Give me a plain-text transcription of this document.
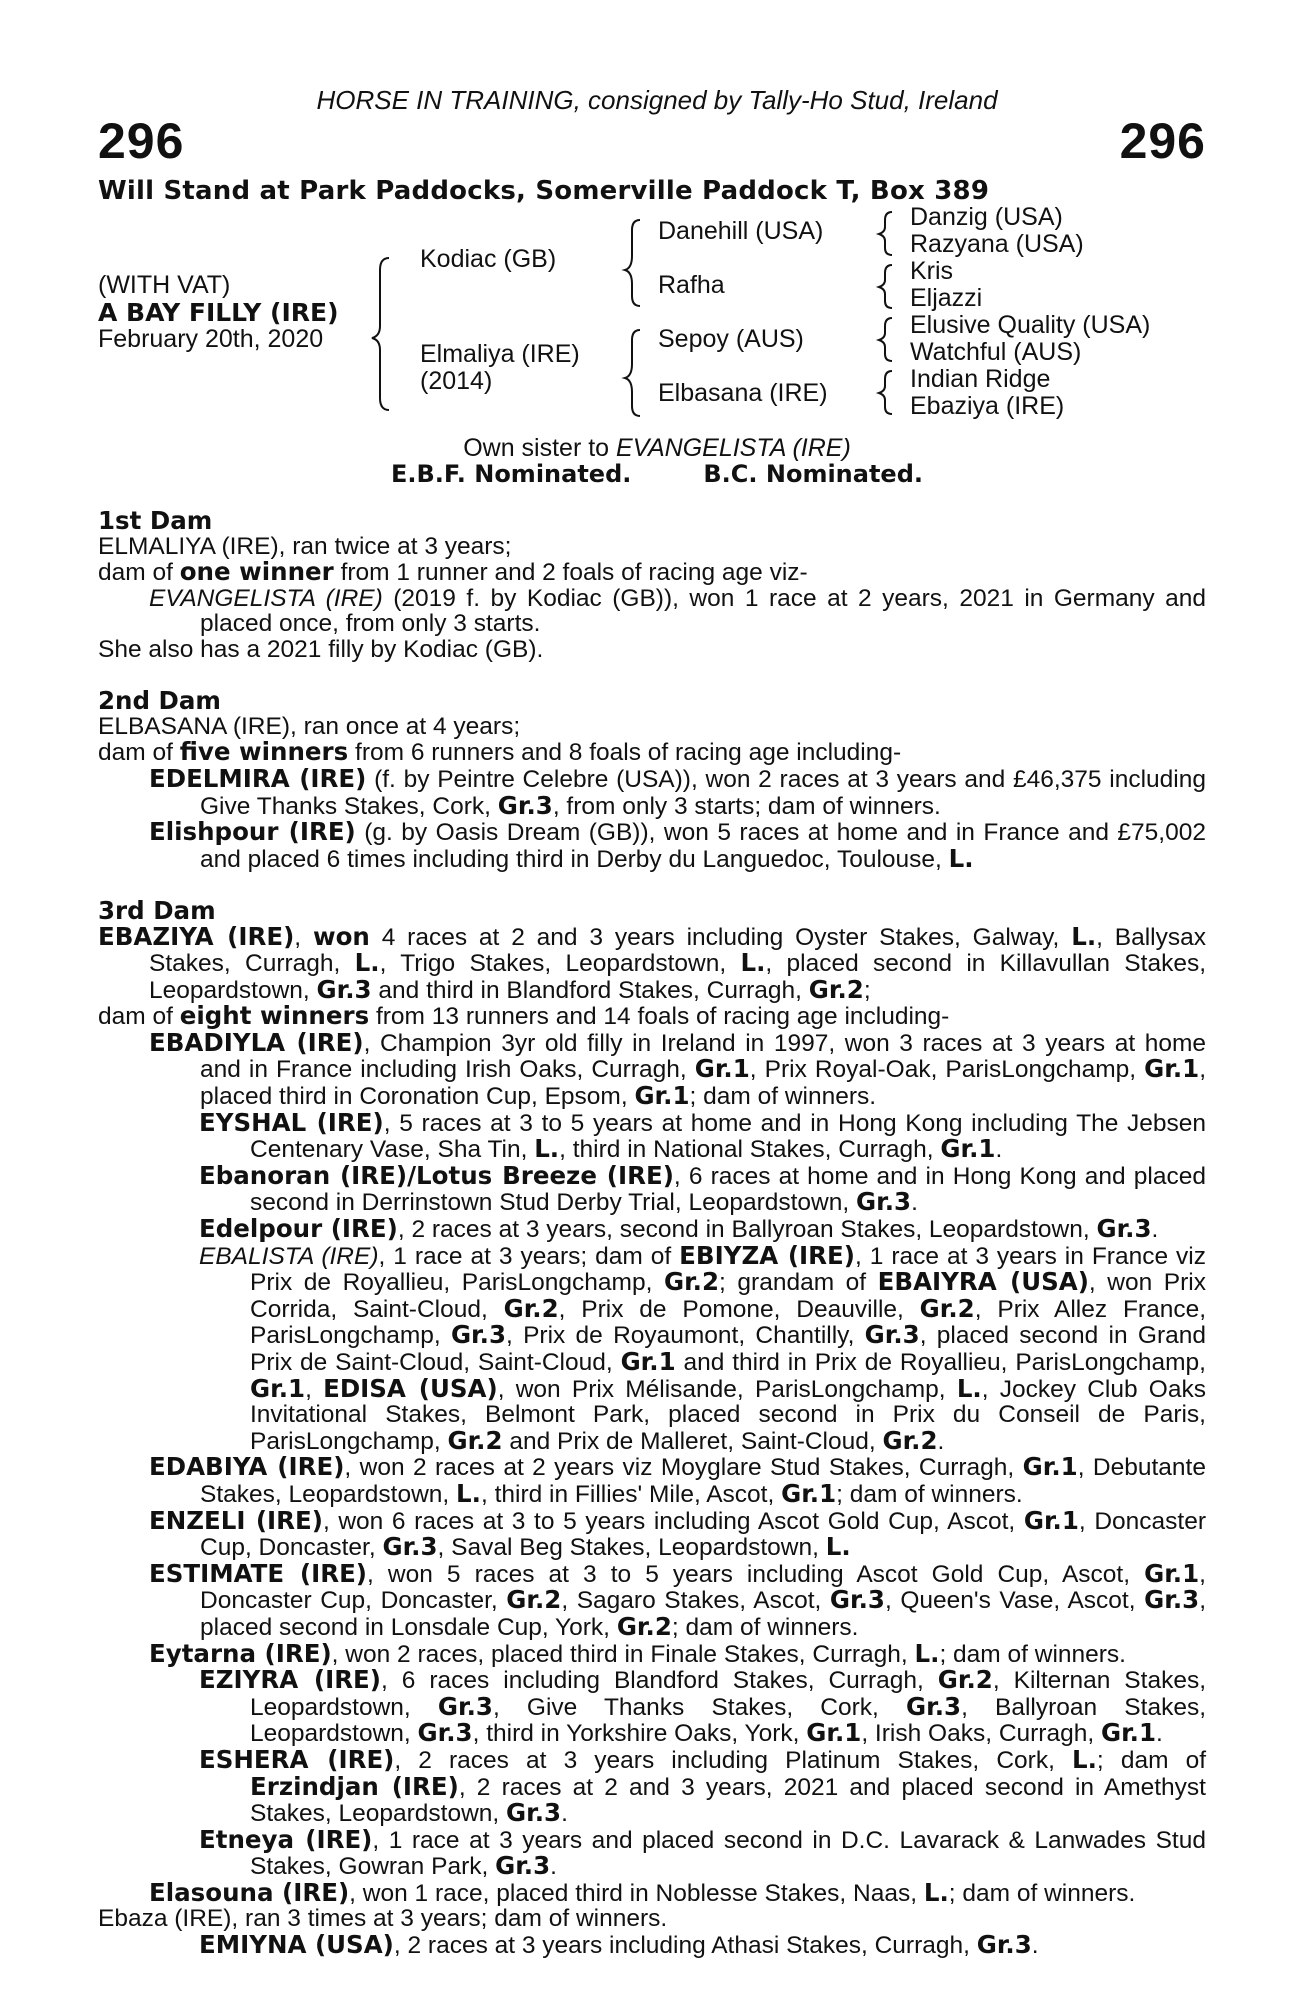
HORSE IN TRAINING, consigned by Tally-Ho Stud, Ireland
296	296
Will Stand at Park Paddocks, Somerville Paddock T, Box 389
(WITH VAT)
A BAY FILLY (IRE)
February 20th, 2020
Kodiac (GB)
Elmaliya (IRE)
(2014)
Danehill (USA)
Rafha
Sepoy (AUS)
Elbasana (IRE)
Danzig (USA)
Razyana (USA)
Kris
Eljazzi
Elusive Quality (USA)
Watchful (AUS)
Indian Ridge
Ebaziya (IRE)
Own sister to EVANGELISTA (IRE)
E.B.F. Nominated.	B.C. Nominated.
1st Dam
ELMALIYA (IRE), ran twice at 3 years;
dam of one winner from 1 runner and 2 foals of racing age viz-
EVANGELISTA (IRE) (2019 f. by Kodiac (GB)), won 1 race at 2 years, 2021 in Germany and placed once, from only 3 starts.
She also has a 2021 filly by Kodiac (GB).
2nd Dam
ELBASANA (IRE), ran once at 4 years;
dam of five winners from 6 runners and 8 foals of racing age including-
EDELMIRA (IRE) (f. by Peintre Celebre (USA)), won 2 races at 3 years and £46,375 including Give Thanks Stakes, Cork, Gr.3, from only 3 starts; dam of winners.
Elishpour (IRE) (g. by Oasis Dream (GB)), won 5 races at home and in France and £75,002 and placed 6 times including third in Derby du Languedoc, Toulouse, L.
3rd Dam
EBAZIYA (IRE), won 4 races at 2 and 3 years including Oyster Stakes, Galway, L., Ballysax Stakes, Curragh, L., Trigo Stakes, Leopardstown, L., placed second in Killavullan Stakes, Leopardstown, Gr.3 and third in Blandford Stakes, Curragh, Gr.2;
dam of eight winners from 13 runners and 14 foals of racing age including-
EBADIYLA (IRE), Champion 3yr old filly in Ireland in 1997, won 3 races at 3 years at home and in France including Irish Oaks, Curragh, Gr.1, Prix Royal-Oak, ParisLongchamp, Gr.1, placed third in Coronation Cup, Epsom, Gr.1; dam of winners.
EYSHAL (IRE), 5 races at 3 to 5 years at home and in Hong Kong including The Jebsen Centenary Vase, Sha Tin, L., third in National Stakes, Curragh, Gr.1.
Ebanoran (IRE)/Lotus Breeze (IRE), 6 races at home and in Hong Kong and placed second in Derrinstown Stud Derby Trial, Leopardstown, Gr.3.
Edelpour (IRE), 2 races at 3 years, second in Ballyroan Stakes, Leopardstown, Gr.3.
EBALISTA (IRE), 1 race at 3 years; dam of EBIYZA (IRE), 1 race at 3 years in France viz Prix de Royallieu, ParisLongchamp, Gr.2; grandam of EBAIYRA (USA), won Prix Corrida, Saint-Cloud, Gr.2, Prix de Pomone, Deauville, Gr.2, Prix Allez France, ParisLongchamp, Gr.3, Prix de Royaumont, Chantilly, Gr.3, placed second in Grand Prix de Saint-Cloud, Saint-Cloud, Gr.1 and third in Prix de Royallieu, ParisLongchamp, Gr.1, EDISA (USA), won Prix Mélisande, ParisLongchamp, L., Jockey Club Oaks Invitational Stakes, Belmont Park, placed second in Prix du Conseil de Paris, ParisLongchamp, Gr.2 and Prix de Malleret, Saint-Cloud, Gr.2.
EDABIYA (IRE), won 2 races at 2 years viz Moyglare Stud Stakes, Curragh, Gr.1, Debutante Stakes, Leopardstown, L., third in Fillies' Mile, Ascot, Gr.1; dam of winners.
ENZELI (IRE), won 6 races at 3 to 5 years including Ascot Gold Cup, Ascot, Gr.1, Doncaster Cup, Doncaster, Gr.3, Saval Beg Stakes, Leopardstown, L.
ESTIMATE (IRE), won 5 races at 3 to 5 years including Ascot Gold Cup, Ascot, Gr.1, Doncaster Cup, Doncaster, Gr.2, Sagaro Stakes, Ascot, Gr.3, Queen's Vase, Ascot, Gr.3, placed second in Lonsdale Cup, York, Gr.2; dam of winners.
Eytarna (IRE), won 2 races, placed third in Finale Stakes, Curragh, L.; dam of winners.
EZIYRA (IRE), 6 races including Blandford Stakes, Curragh, Gr.2, Kilternan Stakes, Leopardstown, Gr.3, Give Thanks Stakes, Cork, Gr.3, Ballyroan Stakes, Leopardstown, Gr.3, third in Yorkshire Oaks, York, Gr.1, Irish Oaks, Curragh, Gr.1.
ESHERA (IRE), 2 races at 3 years including Platinum Stakes, Cork, L.; dam of Erzindjan (IRE), 2 races at 2 and 3 years, 2021 and placed second in Amethyst Stakes, Leopardstown, Gr.3.
Etneya (IRE), 1 race at 3 years and placed second in D.C. Lavarack & Lanwades Stud Stakes, Gowran Park, Gr.3.
Elasouna (IRE), won 1 race, placed third in Noblesse Stakes, Naas, L.; dam of winners.
Ebaza (IRE), ran 3 times at 3 years; dam of winners.
EMIYNA (USA), 2 races at 3 years including Athasi Stakes, Curragh, Gr.3.
